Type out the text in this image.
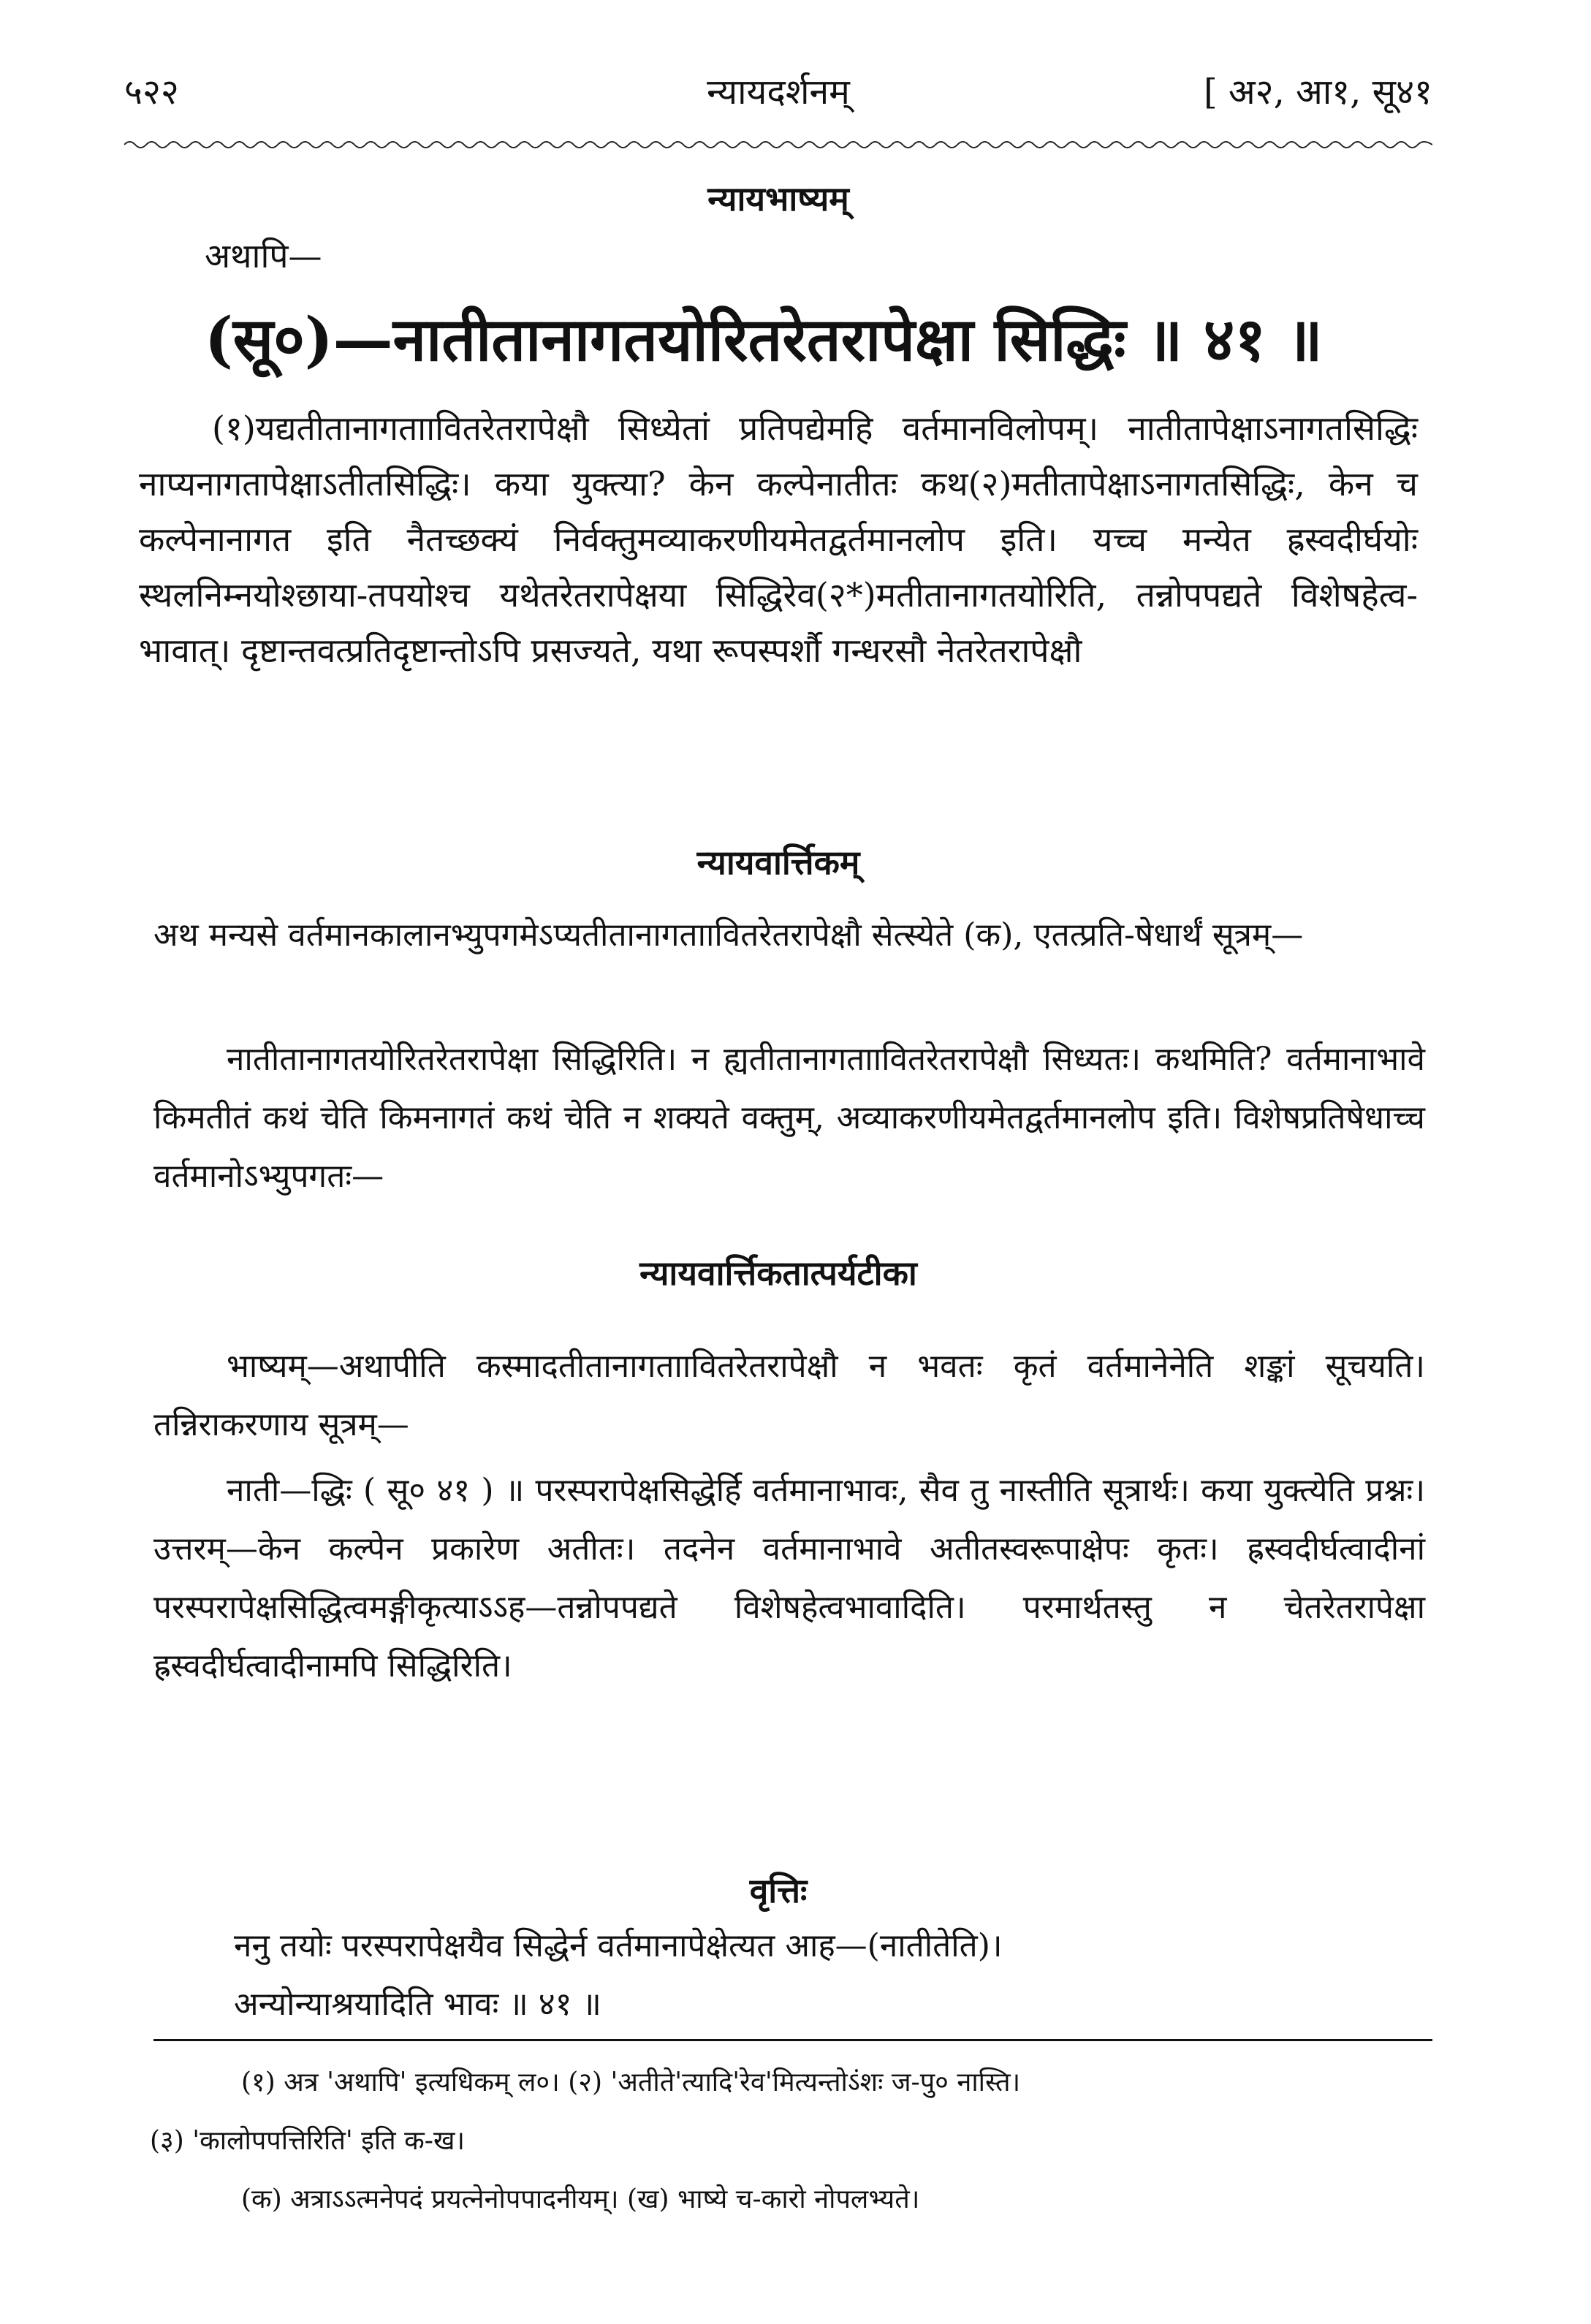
५२२	न्यायदर्शनम्	[ अ२, आ१, सू४१
न्यायभाष्यम्
अथापि—
(सू०)—नातीतानागतयोरितरेतरापेक्षा सिद्धिः ॥ ४१ ॥
(१)यद्यतीतानागताावितरेतरापेक्षौ सिध्येतां प्रतिपद्येमहि वर्तमानविलोपम्। नातीतापेक्षाऽनागतसिद्धिः नाप्यनागतापेक्षाऽतीतसिद्धिः। कया युक्त्या? केन कल्पेनातीतः कथ(२)मतीतापेक्षाऽनागतसिद्धिः, केन च कल्पेनानागत इति नैतच्छक्यं निर्वक्तुमव्याकरणीयमेतद्वर्तमानलोप इति। यच्च मन्येत ह्रस्वदीर्घयोः स्थलनिम्नयोश्छाया-तपयोश्च यथेतरेतरापेक्षया सिद्धिरेव(२*)मतीतानागतयोरिति, तन्नोपपद्यते विशेषहेत्व-भावात्। दृष्टान्तवत्प्रतिदृष्टान्तोऽपि प्रसज्यते, यथा रूपस्पर्शौ गन्धरसौ नेतरेतरापेक्षौ
न्यायवार्त्तिकम्
अथ मन्यसे वर्तमानकालानभ्युपगमेऽप्यतीतानागताावितरेतरापेक्षौ सेत्स्येते (क), एतत्प्रति-षेधार्थं सूत्रम्—
नातीतानागतयोरितरेतरापेक्षा सिद्धिरिति। न ह्यतीतानागताावितरेतरापेक्षौ सिध्यतः। कथमिति? वर्तमानाभावे किमतीतं कथं चेति किमनागतं कथं चेति न शक्यते वक्तुम्, अव्याकरणीयमेतद्वर्तमानलोप इति। विशेषप्रतिषेधाच्च वर्तमानोऽभ्युपगतः—
न्यायवार्त्तिकतात्पर्यटीका
भाष्यम्—अथापीति कस्मादतीतानागताावितरेतरापेक्षौ न भवतः कृतं वर्तमानेनेति शङ्कां सूचयति। तन्निराकरणाय सूत्रम्—
नाती—द्धिः ( सू० ४१ ) ॥ परस्परापेक्षसिद्धेर्हि वर्तमानाभावः, सैव तु नास्तीति सूत्रार्थः। कया युक्त्येति प्रश्नः। उत्तरम्—केन कल्पेन प्रकारेण अतीतः। तदनेन वर्तमानाभावे अतीतस्वरूपाक्षेपः कृतः। ह्रस्वदीर्घत्वादीनां परस्परापेक्षसिद्धित्वमङ्गीकृत्याऽऽह—तन्नोपपद्यते विशेषहेत्वभावादिति। परमार्थतस्तु न चेतरेतरापेक्षा ह्रस्वदीर्घत्वादीनामपि सिद्धिरिति।
वृत्तिः
ननु तयोः परस्परापेक्षयैव सिद्धेर्न वर्तमानापेक्षेत्यत आह—(नातीतेति)।
अन्योन्याश्रयादिति भावः ॥ ४१ ॥
(१) अत्र 'अथापि' इत्यधिकम् ल०। (२) 'अतीते'त्यादि'रेव'मित्यन्तोऽंशः ज-पु० नास्ति।
(३) 'कालोपपत्तिरिति' इति क-ख।
(क) अत्राऽऽत्मनेपदं प्रयत्नेनोपपादनीयम्। (ख) भाष्ये च-कारो नोपलभ्यते।
